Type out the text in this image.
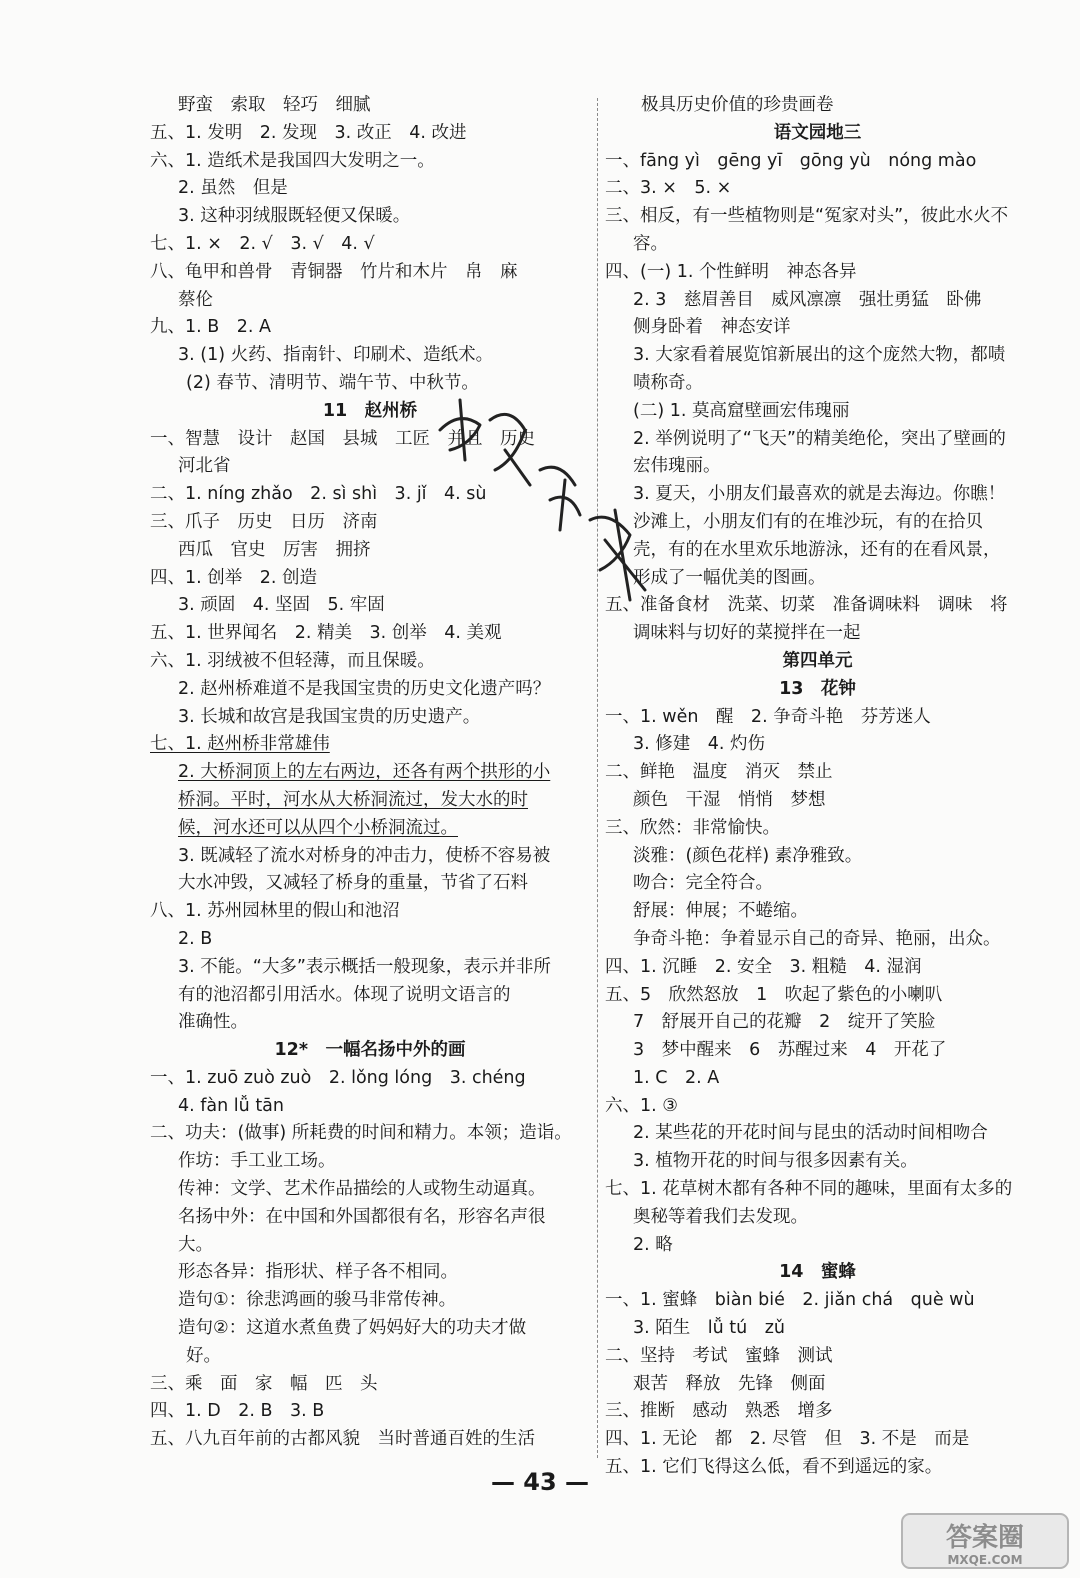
野蛮　索取　轻巧　细腻
五、1. 发明　2. 发现　3. 改正　4. 改进
六、1. 造纸术是我国四大发明之一。
2. 虽然　但是
3. 这种羽绒服既轻便又保暖。
七、1. ×　2. √　3. √　4. √
八、龟甲和兽骨　青铜器　竹片和木片　帛　麻
蔡伦
九、1. B　2. A
3. (1) 火药、指南针、印刷术、造纸术。
(2) 春节、清明节、端午节、中秋节。
11　赵州桥
一、智慧　设计　赵国　县城　工匠　并且　历史
河北省
二、1. níng zhǎo　2. sì shì　3. jǐ　4. sù
三、爪子　历史　日历　济南
西瓜　官史　厉害　拥挤
四、1. 创举　2. 创造
3. 顽固　4. 坚固　5. 牢固
五、1. 世界闻名　2. 精美　3. 创举　4. 美观
六、1. 羽绒被不但轻薄，而且保暖。
2. 赵州桥难道不是我国宝贵的历史文化遗产吗？
3. 长城和故宫是我国宝贵的历史遗产。
七、1. 赵州桥非常雄伟
2. 大桥洞顶上的左右两边，还各有两个拱形的小
桥洞。平时，河水从大桥洞流过，发大水的时
候，河水还可以从四个小桥洞流过。
3. 既减轻了流水对桥身的冲击力，使桥不容易被
大水冲毁，又减轻了桥身的重量，节省了石料
八、1. 苏州园林里的假山和池沼
2. B
3. 不能。“大多”表示概括一般现象，表示并非所
有的池沼都引用活水。体现了说明文语言的
准确性。
12*　一幅名扬中外的画
一、1. zuō zuò zuò　2. lǒng lóng　3. chéng
4. fàn lǚ tān
二、功夫：(做事) 所耗费的时间和精力。本领；造诣。
作坊：手工业工场。
传神：文学、艺术作品描绘的人或物生动逼真。
名扬中外：在中国和外国都很有名，形容名声很
大。
形态各异：指形状、样子各不相同。
造句①：徐悲鸿画的骏马非常传神。
造句②：这道水煮鱼费了妈妈好大的功夫才做
好。
三、乘　面　家　幅　匹　头
四、1. D　2. B　3. B
五、八九百年前的古都风貌　当时普通百姓的生活
极具历史价值的珍贵画卷
语文园地三
一、fāng yì　gēng yī　gōng yù　nóng mào
二、3. ×　5. ×
三、相反，有一些植物则是“冤家对头”，彼此水火不
容。
四、(一) 1. 个性鲜明　神态各异
2. 3　慈眉善目　威风凛凛　强壮勇猛　卧佛
侧身卧着　神态安详
3. 大家看着展览馆新展出的这个庞然大物，都啧
啧称奇。
(二) 1. 莫高窟壁画宏伟瑰丽
2. 举例说明了“飞天”的精美绝伦，突出了壁画的
宏伟瑰丽。
3. 夏天，小朋友们最喜欢的就是去海边。你瞧！
沙滩上，小朋友们有的在堆沙玩，有的在拾贝
壳，有的在水里欢乐地游泳，还有的在看风景，
形成了一幅优美的图画。
五、准备食材　洗菜、切菜　准备调味料　调味　将
调味料与切好的菜搅拌在一起
第四单元
13　花钟
一、1. wěn　醒　2. 争奇斗艳　芬芳迷人
3. 修建　4. 灼伤
二、鲜艳　温度　消灭　禁止
颜色　干湿　悄悄　梦想
三、欣然：非常愉快。
淡雅：(颜色花样) 素净雅致。
吻合：完全符合。
舒展：伸展；不蜷缩。
争奇斗艳：争着显示自己的奇异、艳丽，出众。
四、1. 沉睡　2. 安全　3. 粗糙　4. 湿润
五、5　欣然怒放　1　吹起了紫色的小喇叭
7　舒展开自己的花瓣　2　绽开了笑脸
3　梦中醒来　6　苏醒过来　4　开花了
1. C　2. A
六、1. ③
2. 某些花的开花时间与昆虫的活动时间相吻合
3. 植物开花的时间与很多因素有关。
七、1. 花草树木都有各种不同的趣味，里面有太多的
奥秘等着我们去发现。
2. 略
14　蜜蜂
一、1. 蜜蜂　biàn bié　2. jiǎn chá　què wù
3. 陌生　lǚ tú　zǔ
二、坚持　考试　蜜蜂　测试
艰苦　释放　先锋　侧面
三、推断　感动　熟悉　增多
四、1. 无论　都　2. 尽管　但　3. 不是　而是
五、1. 它们飞得这么低，看不到遥远的家。
— 43 —
答案圈
MXQE.COM
